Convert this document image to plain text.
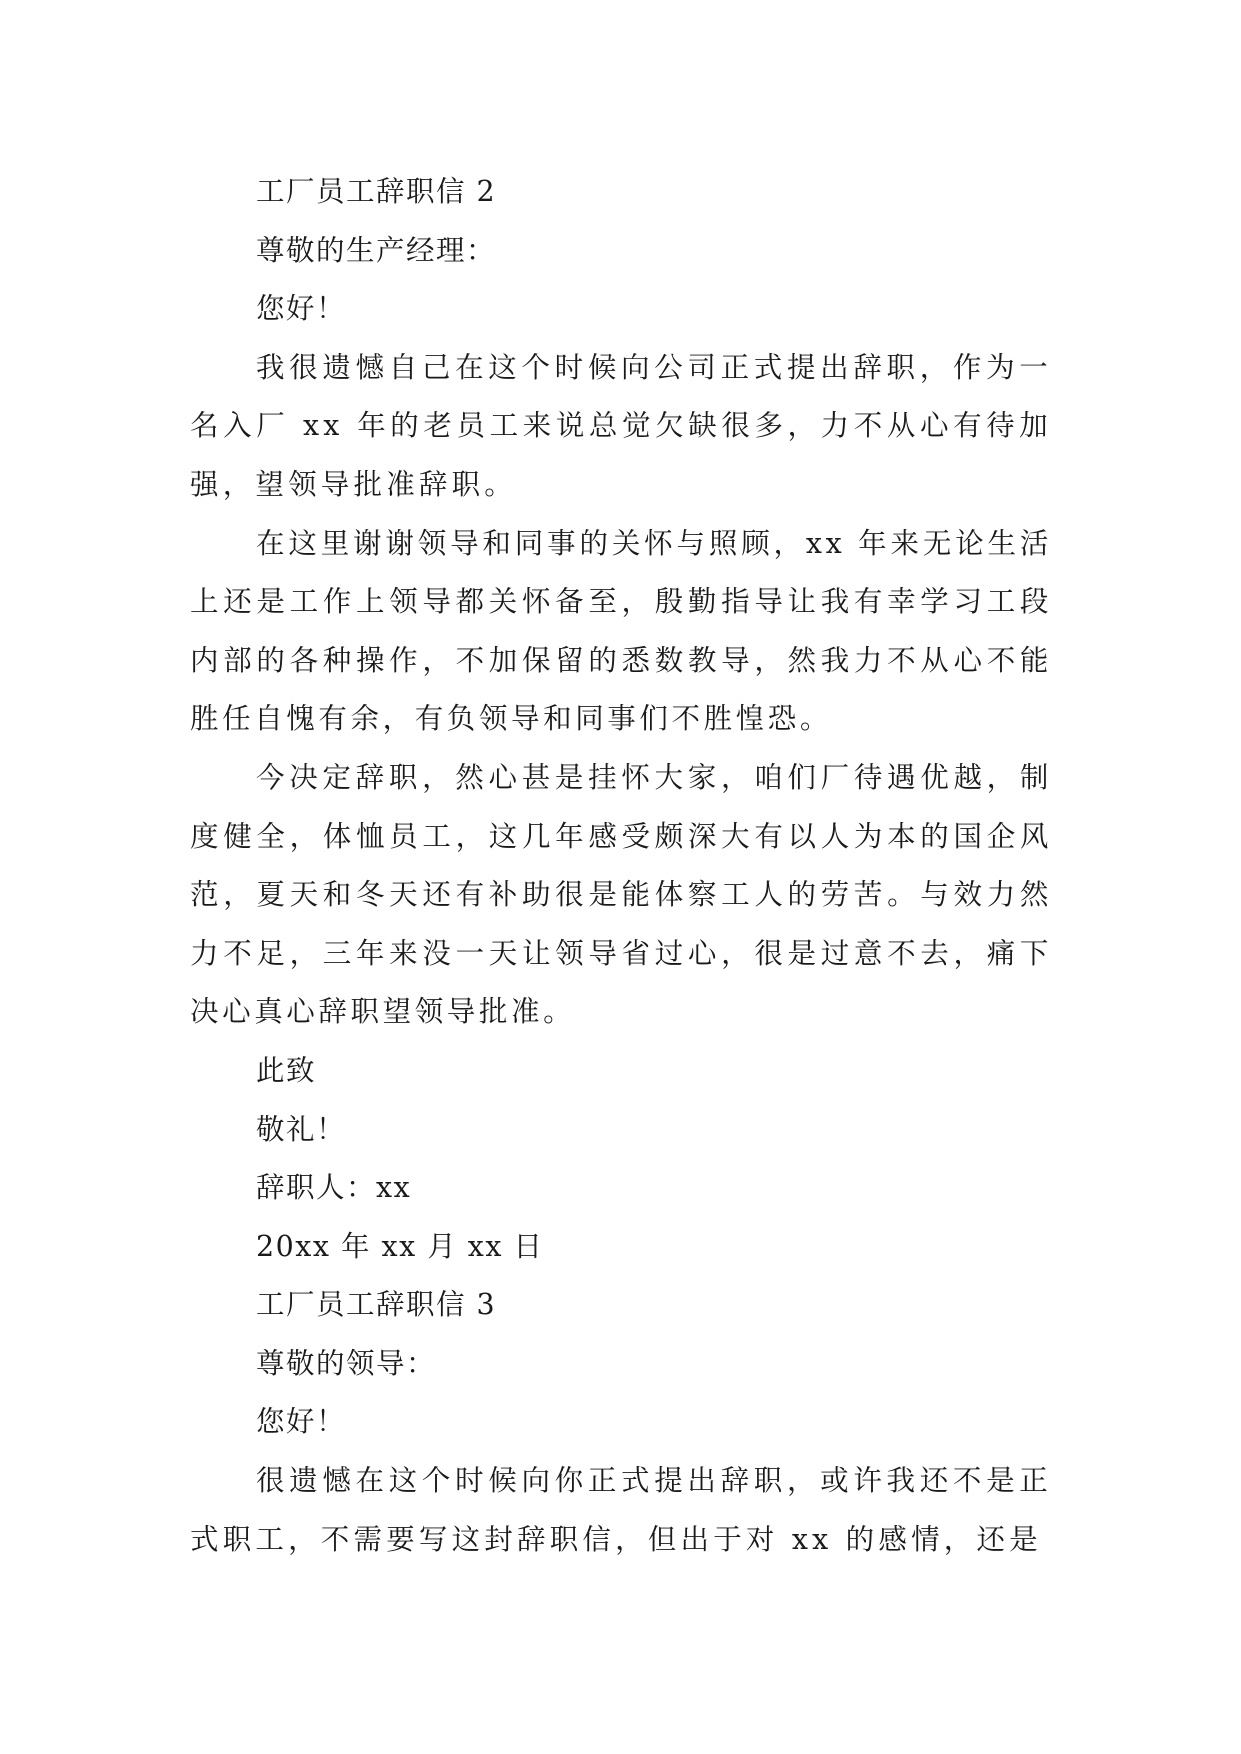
工厂员工辞职信 2
尊敬的生产经理：
您好！

我很遗憾自己在这个时候向公司正式提出辞职，作为一名入厂 xx 年的老员工来说总觉欠缺很多，力不从心有待加强，望领导批准辞职。

在这里谢谢领导和同事的关怀与照顾，xx 年来无论生活上还是工作上领导都关怀备至，殷勤指导让我有幸学习工段内部的各种操作，不加保留的悉数教导，然我力不从心不能胜任自愧有余，有负领导和同事们不胜惶恐。

今决定辞职，然心甚是挂怀大家，咱们厂待遇优越，制度健全，体恤员工，这几年感受颇深大有以人为本的国企风范，夏天和冬天还有补助很是能体察工人的劳苦。与效力然力不足，三年来没一天让领导省过心，很是过意不去，痛下决心真心辞职望领导批准。

此致
敬礼！
辞职人：xx
20xx 年 xx 月 xx 日
工厂员工辞职信 3
尊敬的领导：
您好！

很遗憾在这个时候向你正式提出辞职，或许我还不是正式职工，不需要写这封辞职信，但出于对 xx 的感情，还是
